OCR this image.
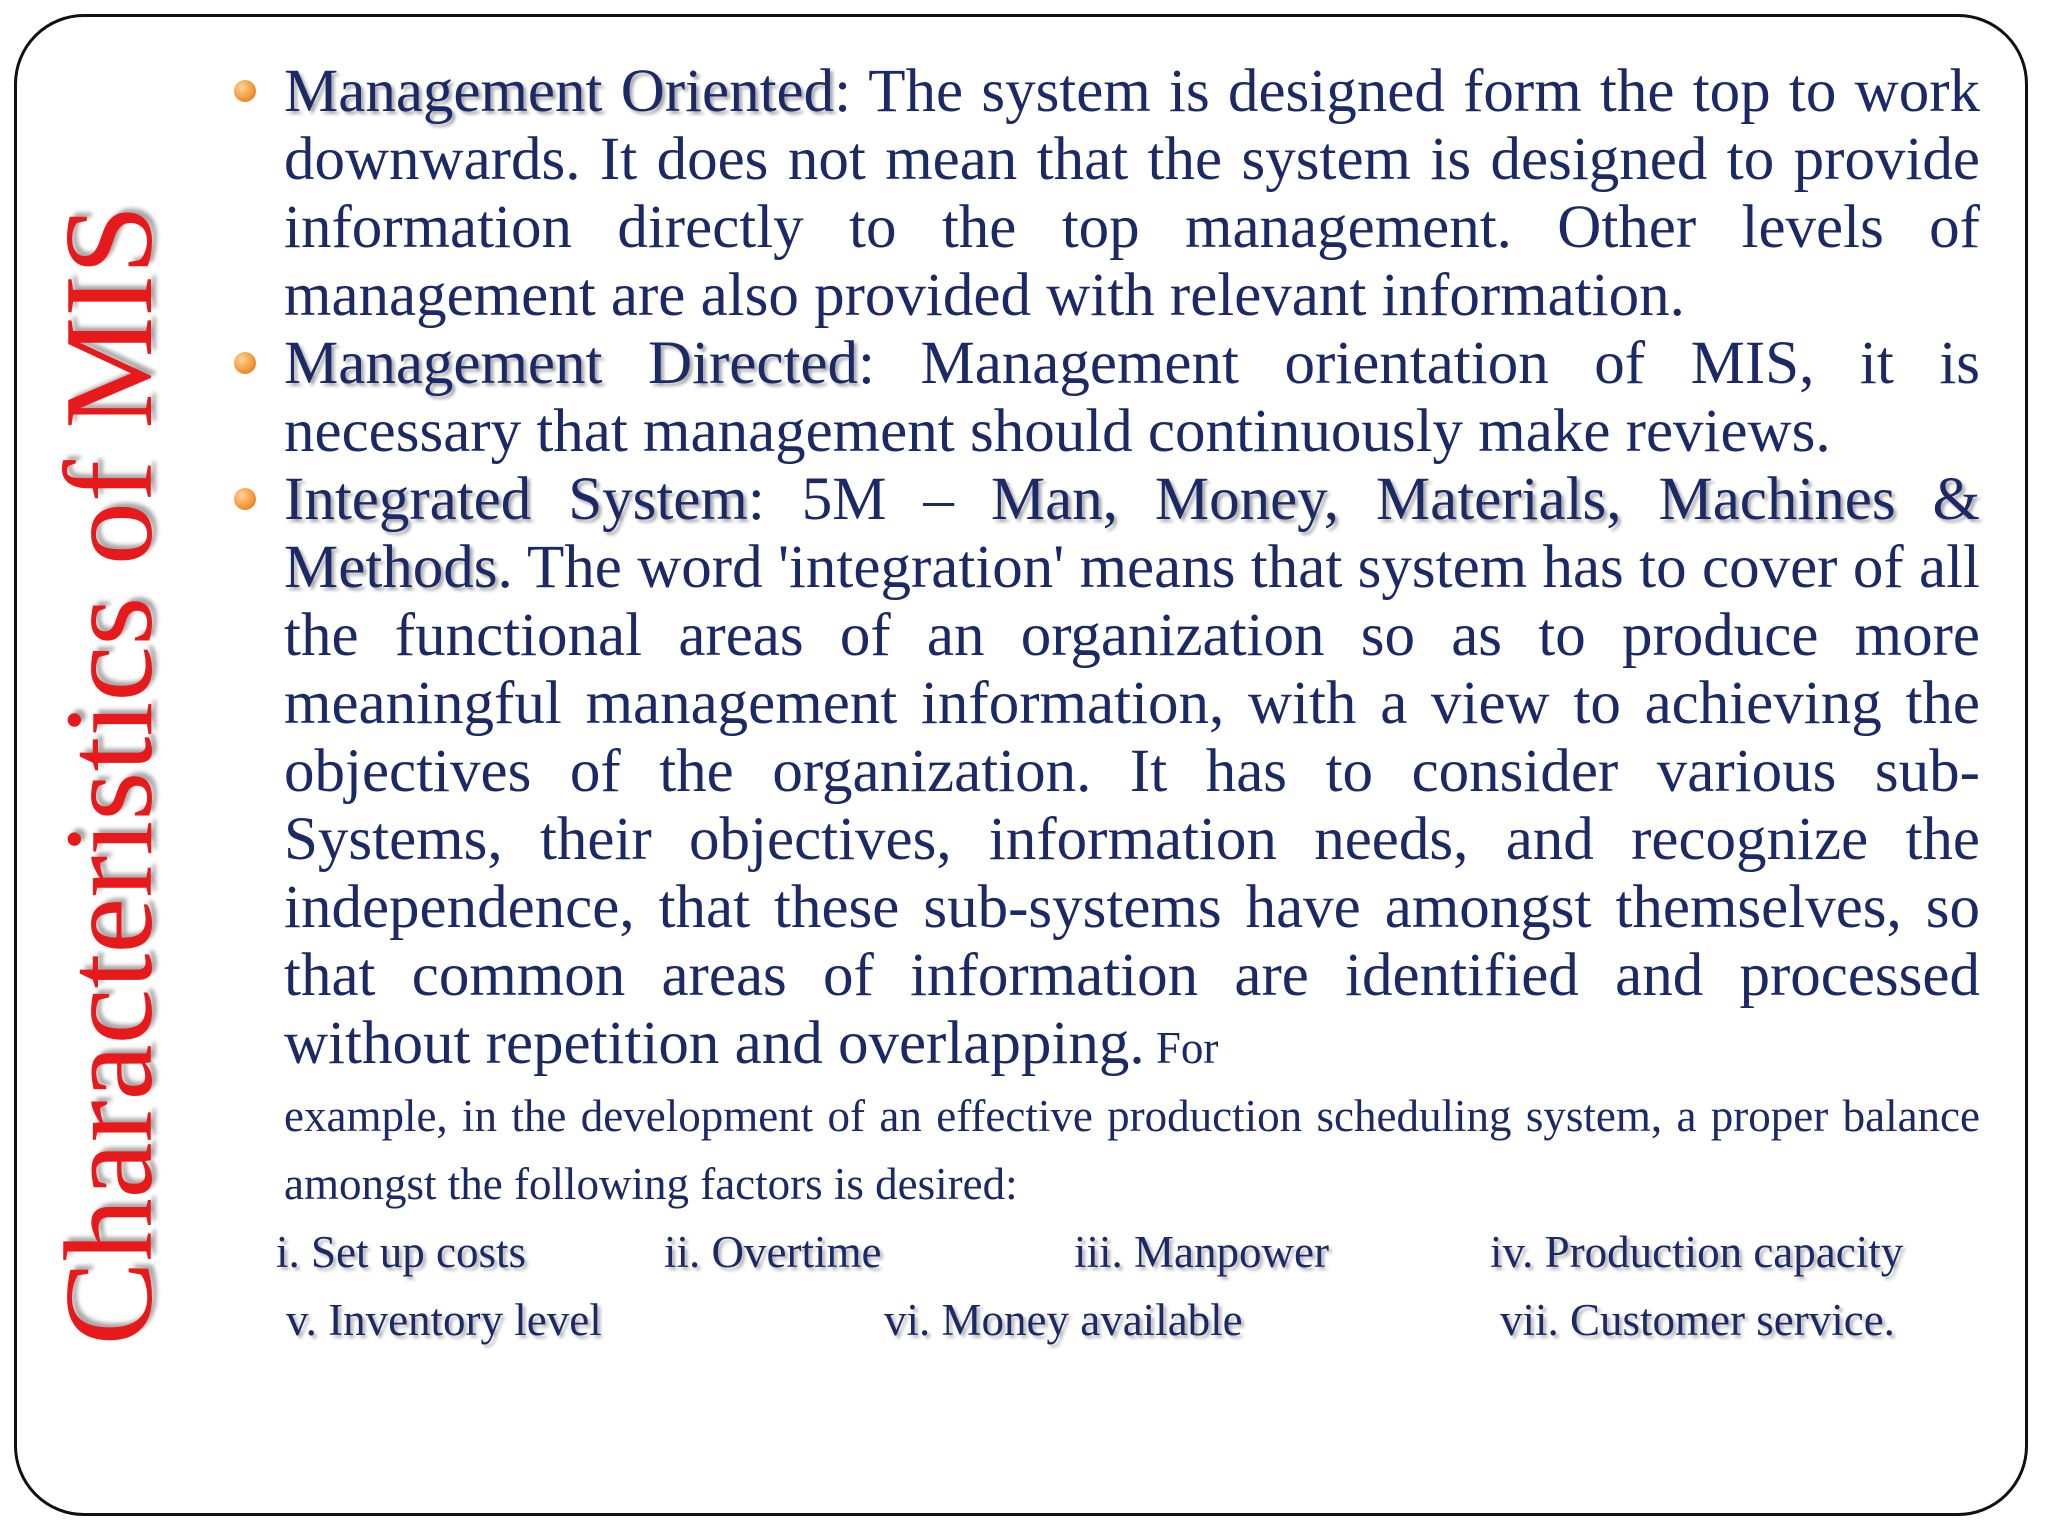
Characteristics of MIS
Management Oriented: The system is designed form the top to work downwards. It does not mean that the system is designed to provide information directly to the top management. Other levels of management are also provided with relevant information.
Management Directed: Management orientation of MIS, it is necessary that management should continuously make reviews.
Integrated System: 5M – Man, Money, Materials, Machines & Methods. The word 'integration' means that system has to cover of all the functional areas of an organization so as to produce more meaningful management information, with a view to achieving the objectives of the organization. It has to consider various sub-Systems, their objectives, information needs, and recognize the independence, that these sub-systems have amongst themselves, so that common areas of information are identified and processed without repetition and overlapping. For
example, in the development of an effective production scheduling system, a proper balance amongst the following factors is desired:
i. Set up costs	ii. Overtime	iii. Manpower	iv. Production capacity
v. Inventory level	vi. Money available	vii. Customer service.
